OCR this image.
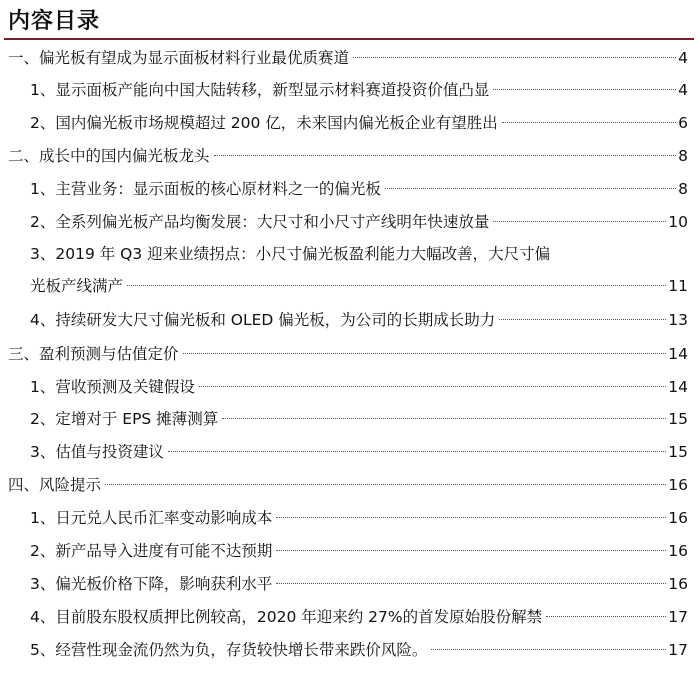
内容目录
一、偏光板有望成为显示面板材料行业最优质赛道	4
1、显示面板产能向中国大陆转移，新型显示材料赛道投资价值凸显	4
2、国内偏光板市场规模超过 200 亿，未来国内偏光板企业有望胜出	6
二、成长中的国内偏光板龙头	8
1、主营业务：显示面板的核心原材料之一的偏光板	8
2、全系列偏光板产品均衡发展：大尺寸和小尺寸产线明年快速放量	10
3、2019 年 Q3 迎来业绩拐点：小尺寸偏光板盈利能力大幅改善，大尺寸偏
光板产线满产	11
4、持续研发大尺寸偏光板和 OLED 偏光板，为公司的长期成长助力	13
三、盈利预测与估值定价	14
1、营收预测及关键假设	14
2、定增对于 EPS 摊薄测算	15
3、估值与投资建议	15
四、风险提示	16
1、日元兑人民币汇率变动影响成本	16
2、新产品导入进度有可能不达预期	16
3、偏光板价格下降，影响获利水平	16
4、目前股东股权质押比例较高，2020 年迎来约 27%的首发原始股份解禁	17
5、经营性现金流仍然为负，存货较快增长带来跌价风险。	17
